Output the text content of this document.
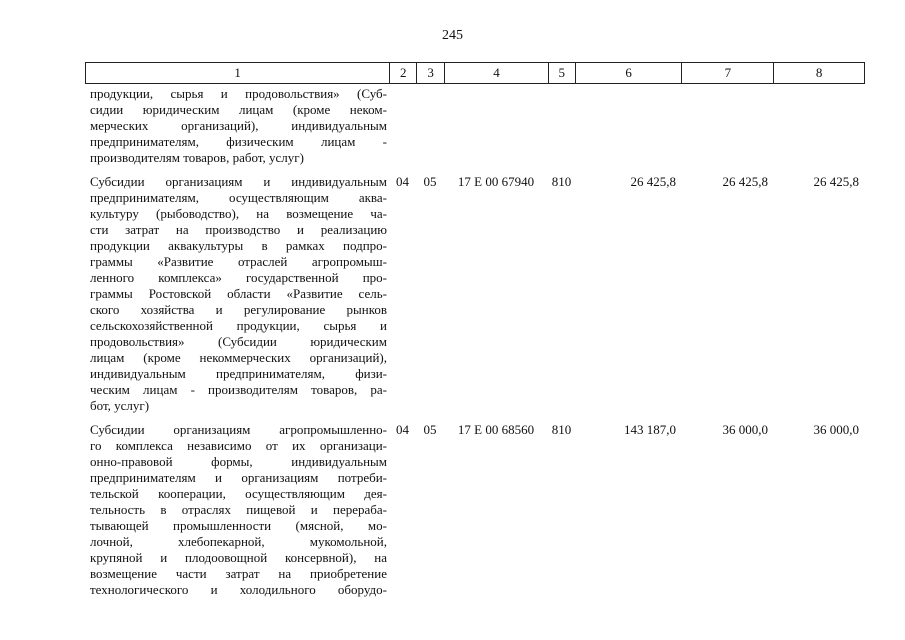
245
1	2	3	4	5	6	7	8
продукции, сырья и продовольствия» (Суб-
сидии юридическим лицам (кроме неком-
мерческих организаций), индивидуальным
предпринимателям, физическим лицам -
производителям товаров, работ, услуг)
Субсидии организациям и индивидуальным
предпринимателям, осуществляющим аква-
культуру (рыбоводство), на возмещение ча-
сти затрат на производство и реализацию
продукции аквакультуры в рамках подпро-
граммы «Развитие отраслей агропромыш-
ленного комплекса» государственной про-
граммы Ростовской области «Развитие сель-
ского хозяйства и регулирование рынков
сельскохозяйственной продукции, сырья и
продовольствия» (Субсидии юридическим
лицам (кроме некоммерческих организаций),
индивидуальным предпринимателям, физи-
ческим лицам - производителям товаров, ра-
бот, услуг)
04	05	17 Е 00 67940	810	26 425,8	26 425,8	26 425,8
Субсидии организациям агропромышленно-
го комплекса независимо от их организаци-
онно-правовой формы, индивидуальным
предпринимателям и организациям потреби-
тельской кооперации, осуществляющим дея-
тельность в отраслях пищевой и перераба-
тывающей промышленности (мясной, мо-
лочной, хлебопекарной, мукомольной,
крупяной и плодоовощной консервной), на
возмещение части затрат на приобретение
технологического и холодильного оборудо-
04	05	17 Е 00 68560	810	143 187,0	36 000,0	36 000,0
